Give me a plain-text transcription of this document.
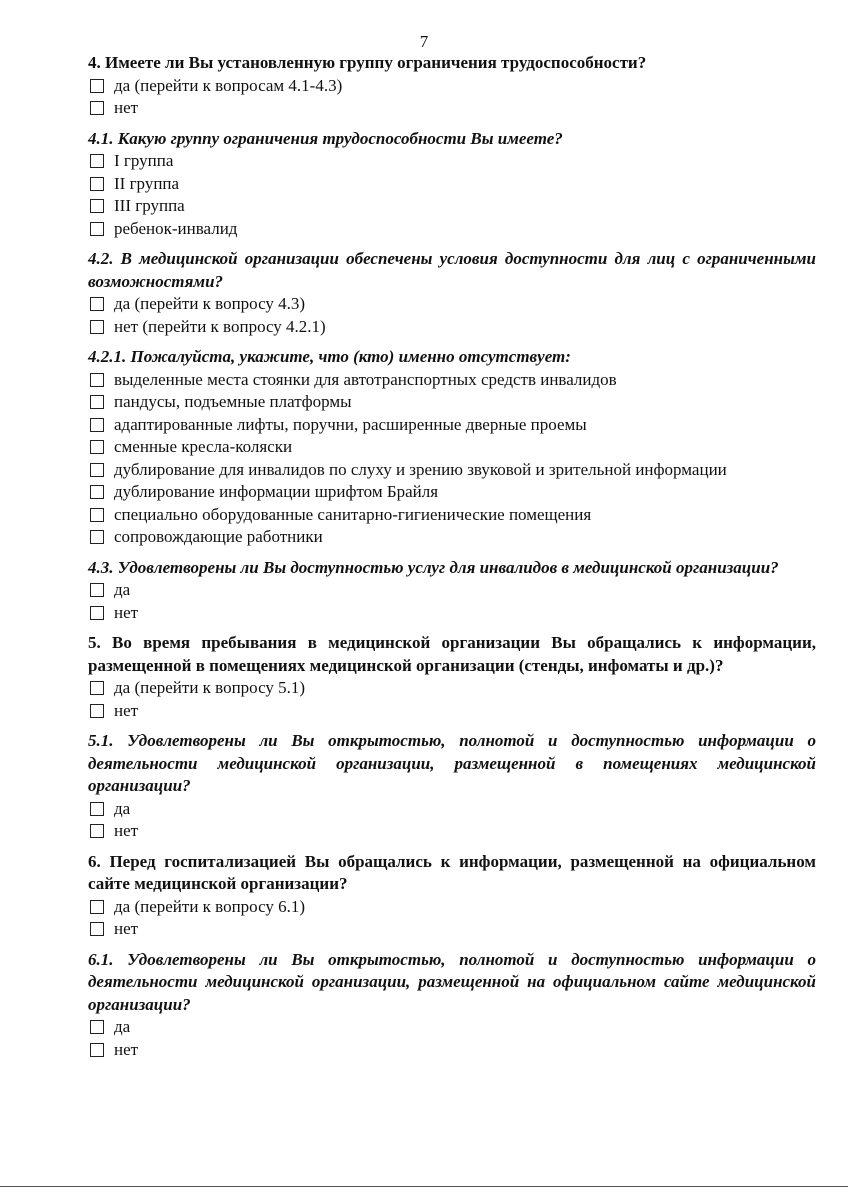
7

4. Имеете ли Вы установленную группу ограничения трудоспособности?

да (перейти к вопросам 4.1-4.3)
нет

4.1. Какую группу ограничения трудоспособности Вы имеете?

I группа
II группа
III группа
ребенок-инвалид

4.2. В медицинской организации обеспечены условия доступности для лиц с ограниченными возможностями?

да (перейти к вопросу 4.3)
нет (перейти к вопросу 4.2.1)

4.2.1. Пожалуйста, укажите, что (кто) именно отсутствует:

выделенные места стоянки для автотранспортных средств инвалидов
пандусы, подъемные платформы
адаптированные лифты, поручни, расширенные дверные проемы
сменные кресла-коляски
дублирование для инвалидов по слуху и зрению звуковой и зрительной информации
дублирование информации шрифтом Брайля
специально оборудованные санитарно-гигиенические помещения
сопровождающие работники

4.3. Удовлетворены ли Вы доступностью услуг для инвалидов в медицинской организации?

да
нет

5. Во время пребывания в медицинской организации Вы обращались к информации, размещенной в помещениях медицинской организации (стенды, инфоматы и др.)?

да (перейти к вопросу 5.1)
нет

5.1. Удовлетворены ли Вы открытостью, полнотой и доступностью информации о деятельности медицинской организации, размещенной в помещениях медицинской организации?

да
нет

6. Перед госпитализацией Вы обращались к информации, размещенной на официальном сайте медицинской организации?

да (перейти к вопросу 6.1)
нет

6.1. Удовлетворены ли Вы открытостью, полнотой и доступностью информации о деятельности медицинской организации, размещенной на официальном сайте медицинской организации?

да
нет
